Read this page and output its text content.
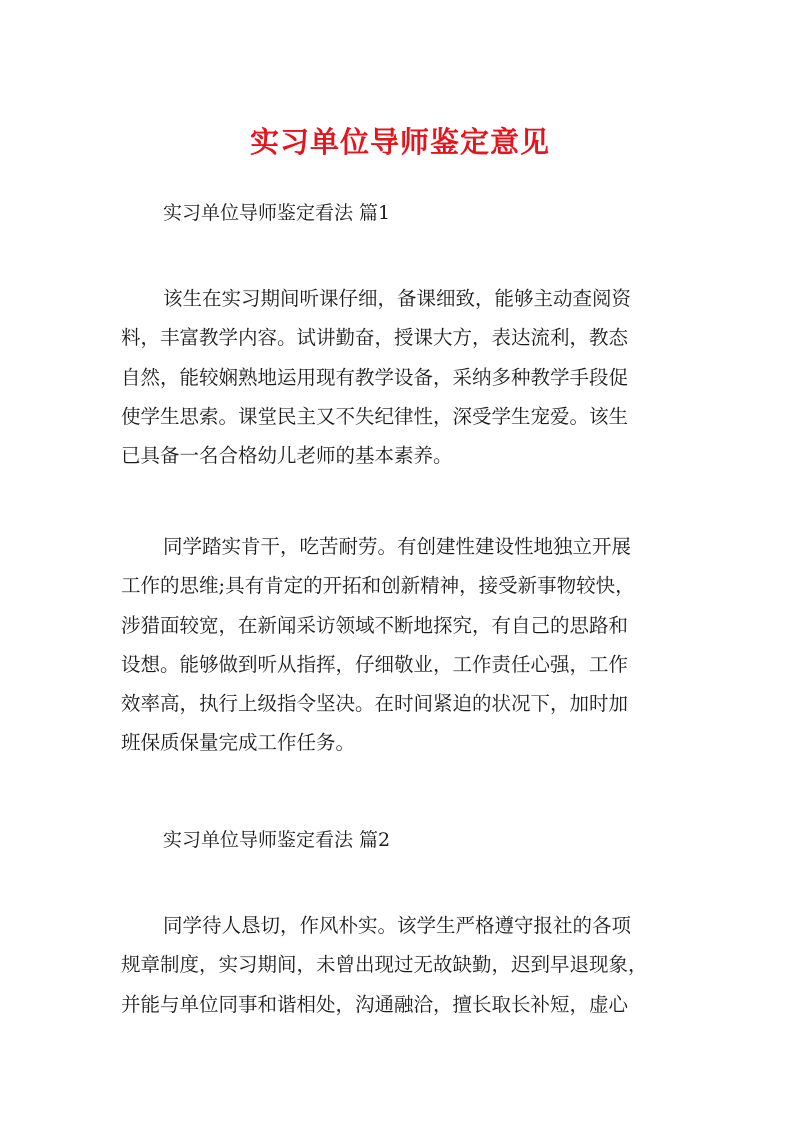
实习单位导师鉴定意见
实习单位导师鉴定看法 篇1
该生在实习期间听课仔细，备课细致，能够主动查阅资
料，丰富教学内容。试讲勤奋，授课大方，表达流利，教态
自然，能较娴熟地运用现有教学设备，采纳多种教学手段促
使学生思索。课堂民主又不失纪律性，深受学生宠爱。该生
已具备一名合格幼儿老师的基本素养。
同学踏实肯干，吃苦耐劳。有创建性建设性地独立开展
工作的思维;具有肯定的开拓和创新精神，接受新事物较快，
涉猎面较宽，在新闻采访领域不断地探究，有自己的思路和
设想。能够做到听从指挥，仔细敬业，工作责任心强，工作
效率高，执行上级指令坚决。在时间紧迫的状况下，加时加
班保质保量完成工作任务。
实习单位导师鉴定看法 篇2
同学待人恳切，作风朴实。该学生严格遵守报社的各项
规章制度，实习期间，未曾出现过无故缺勤，迟到早退现象，
并能与单位同事和谐相处，沟通融洽，擅长取长补短，虚心
